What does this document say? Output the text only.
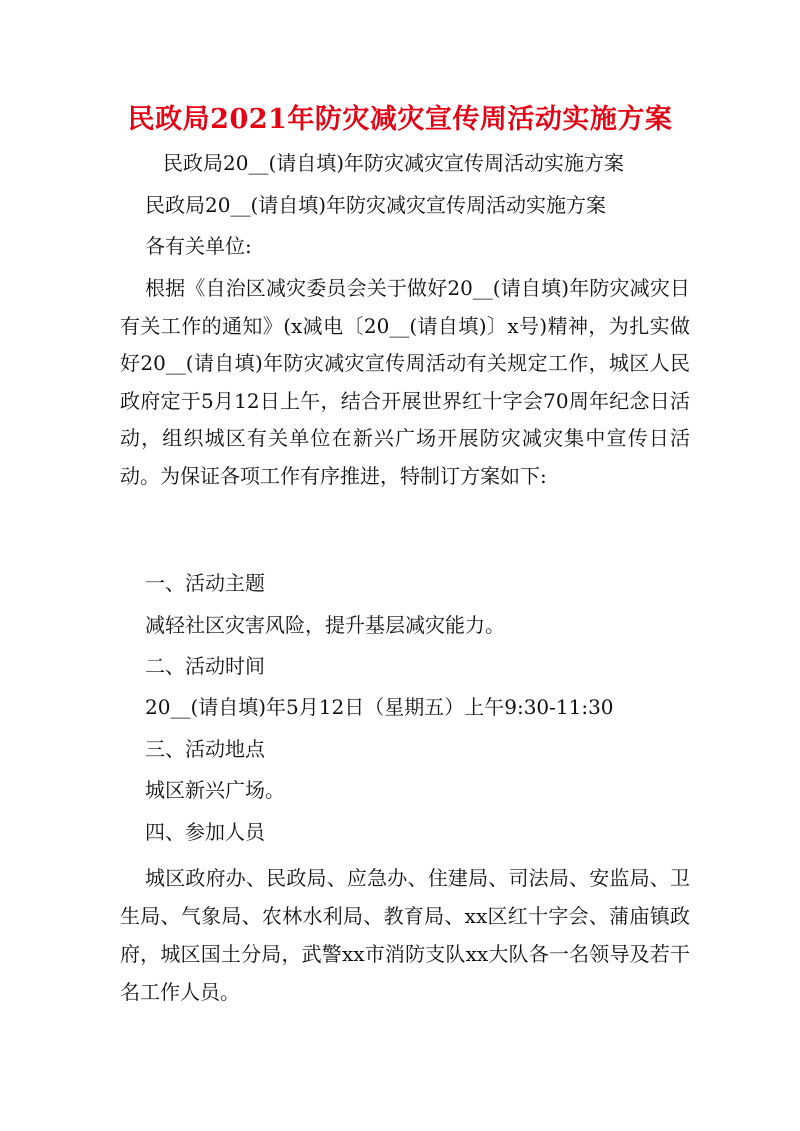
民政局2021年防灾减灾宣传周活动实施方案
民政局20__(请自填)年防灾减灾宣传周活动实施方案
民政局20__(请自填)年防灾减灾宣传周活动实施方案
各有关单位:

根据《自治区减灾委员会关于做好20__(请自填)年防灾减灾日有关工作的通知》(x减电〔20__(请自填)〕x号)精神，为扎实做好20__(请自填)年防灾减灾宣传周活动有关规定工作，城区人民政府定于5月12日上午，结合开展世界红十字会70周年纪念日活动，组织城区有关单位在新兴广场开展防灾减灾集中宣传日活动。为保证各项工作有序推进，特制订方案如下:

一、活动主题
减轻社区灾害风险，提升基层减灾能力。
二、活动时间
20__(请自填)年5月12日（星期五）上午9:30-11:30
三、活动地点
城区新兴广场。
四、参加人员

城区政府办、民政局、应急办、住建局、司法局、安监局、卫生局、气象局、农林水利局、教育局、xx区红十字会、蒲庙镇政府，城区国土分局，武警xx市消防支队xx大队各一名领导及若干名工作人员。
